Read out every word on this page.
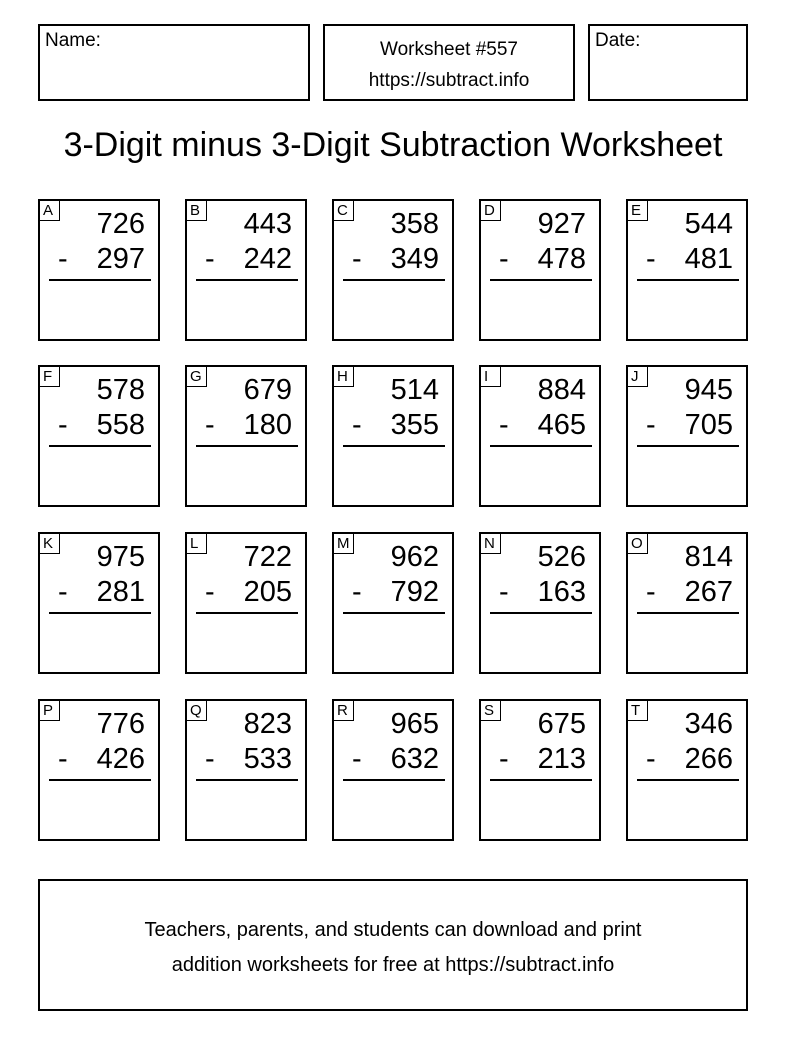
Name:	Worksheet #557
https://subtract.info
Date:
3-Digit minus 3-Digit Subtraction Worksheet
A 726
- 297
B 443
- 242
C 358
- 349
D 927
- 478
E 544
- 481
F 578
- 558
G 679
- 180
H 514
- 355
I	884
- 465
J	945
- 705
K 975
- 281
L 722
- 205
M 962
- 792
N 526
- 163
O 814
- 267
P 776
- 426
Q 823
- 533
R 965
- 632
S 675
- 213
T 346
- 266
Teachers, parents, and students can download and print
addition worksheets for free at https://subtract.info
